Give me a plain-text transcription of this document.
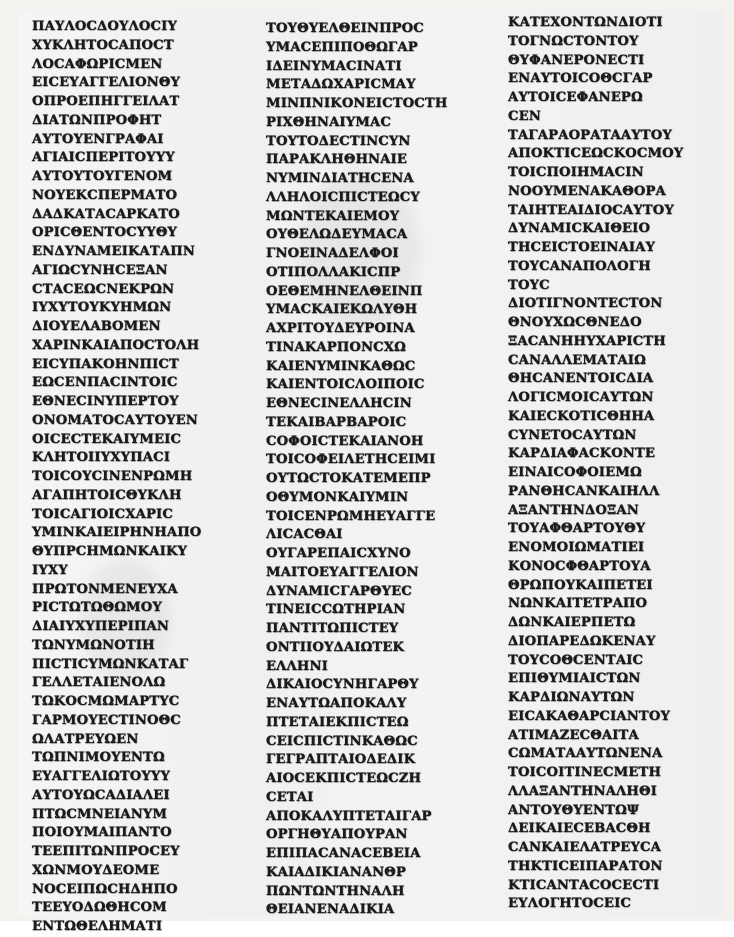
ΠΑΥΛΟϹΔΟΥΛΟϹΙΥ
ΧΥΚΛΗΤΟϹΑΠΟϹΤ
ΛΟϹΑΦΩΡΙϹΜΕΝ
ΕΙϹΕΥΑΓΓΕΛΙΟΝΘΥ
ΟΠΡΟΕΠΗΓΓΕΙΛΑΤ
ΔΙΑΤΩΝΠΡΟΦΗΤ
ΑΥΤΟΥΕΝΓΡΑΦΑΙ
ΑΓΙΑΙϹΠΕΡΙΤΟΥΥΥ
ΑΥΤΟΥΤΟΥΓΕΝΟΜ
ΝΟΥΕΚϹΠΕΡΜΑΤΟ
ΔΑΔΚΑΤΑϹΑΡΚΑΤΟ
ΟΡΙϹΘΕΝΤΟϹΥΥΘΥ
ΕΝΔΥΝΑΜΕΙΚΑΤΑΠΝ
ΑΓΙΩϹΥΝΗϹΕΞΑΝ
ϹΤΑϹΕΩϹΝΕΚΡΩΝ
ΙΥΧΥΤΟΥΚΥΗΜΩΝ
ΔΙΟΥΕΛΑΒΟΜΕΝ
ΧΑΡΙΝΚΑΙΑΠΟϹΤΟΛΗ
ΕΙϹΥΠΑΚΟΗΝΠΙϹΤ
ΕΩϹΕΝΠΑϹΙΝΤΟΙϹ
ΕΘΝΕϹΙΝΥΠΕΡΤΟΥ
ΟΝΟΜΑΤΟϹΑΥΤΟΥΕΝ
ΟΙϹΕϹΤΕΚΑΙΥΜΕΙϹ
ΚΛΗΤΟΙΙΥΧΥΠΑϹΙ
ΤΟΙϹΟΥϹΙΝΕΝΡΩΜΗ
ΑΓΑΠΗΤΟΙϹΘΥΚΛΗ
ΤΟΙϹΑΓΙΟΙϹΧΑΡΙϹ
ΥΜΙΝΚΑΙΕΙΡΗΝΗΑΠΟ
ΘΥΠΡϹΗΜΩΝΚΑΙΚΥ
ΙΥΧΥ
ΠΡΩΤΟΝΜΕΝΕΥΧΑ
ΡΙϹΤΩΤΩΘΩΜΟΥ
ΔΙΑΙΥΧΥΠΕΡΙΠΑΝ
ΤΩΝΥΜΩΝΟΤΙΗ
ΠΙϹΤΙϹΥΜΩΝΚΑΤΑΓ
ΓΕΛΛΕΤΑΙΕΝΟΛΩ
ΤΩΚΟϹΜΩΜΑΡΤΥϹ
ΓΑΡΜΟΥΕϹΤΙΝΟΘϹ
ΩΛΑΤΡΕΥΩΕΝ
ΤΩΠΝΙΜΟΥΕΝΤΩ
ΕΥΑΓΓΕΛΙΩΤΟΥΥΥ
ΑΥΤΟΥΩϹΑΔΙΑΛΕΙ
ΠΤΩϹΜΝΕΙΑΝΥΜ
ΠΟΙΟΥΜΑΙΠΑΝΤΟ
ΤΕΕΠΙΤΩΝΠΡΟϹΕΥ
ΧΩΝΜΟΥΔΕΟΜΕ
ΝΟϹΕΙΠΩϹΗΔΗΠΟ
ΤΕΕΥΟΔΩΘΗϹΟΜ
ΕΝΤΩΘΕΛΗΜΑΤΙ
ΤΟΥΘΥΕΛΘΕΙΝΠΡΟϹ
ΥΜΑϹΕΠΙΠΟΘΩΓΑΡ
ΙΔΕΙΝΥΜΑϹΙΝΑΤΙ
ΜΕΤΑΔΩΧΑΡΙϹΜΑΥ
ΜΙΝΠΝΙΚΟΝΕΙϹΤΟϹΤΗ
ΡΙΧΘΗΝΑΙΥΜΑϹ
ΤΟΥΤΟΔΕϹΤΙΝϹΥΝ
ΠΑΡΑΚΛΗΘΗΝΑΙΕ
ΝΥΜΙΝΔΙΑΤΗϹΕΝΑ
ΛΛΗΛΟΙϹΠΙϹΤΕΩϹΥ
ΜΩΝΤΕΚΑΙΕΜΟΥ
ΟΥΘΕΛΩΔΕΥΜΑϹΑ
ΓΝΟΕΙΝΑΔΕΛΦΟΙ
ΟΤΙΠΟΛΛΑΚΙϹΠΡ
ΟΕΘΕΜΗΝΕΛΘΕΙΝΠ
ΥΜΑϹΚΑΙΕΚΩΛΥΘΗ
ΑΧΡΙΤΟΥΔΕΥΡΟΙΝΑ
ΤΙΝΑΚΑΡΠΟΝϹΧΩ
ΚΑΙΕΝΥΜΙΝΚΑΘΩϹ
ΚΑΙΕΝΤΟΙϹΛΟΙΠΟΙϹ
ΕΘΝΕϹΙΝΕΛΛΗϹΙΝ
ΤΕΚΑΙΒΑΡΒΑΡΟΙϹ
ϹΟΦΟΙϹΤΕΚΑΙΑΝΟΗ
ΤΟΙϹΟΦΕΙΛΕΤΗϹΕΙΜΙ
ΟΥΤΩϹΤΟΚΑΤΕΜΕΠΡ
ΟΘΥΜΟΝΚΑΙΥΜΙΝ
ΤΟΙϹΕΝΡΩΜΗΕΥΑΓΓΕ
ΛΙϹΑϹΘΑΙ
ΟΥΓΑΡΕΠΑΙϹΧΥΝΟ
ΜΑΙΤΟΕΥΑΓΓΕΛΙΟΝ
ΔΥΝΑΜΙϹΓΑΡΘΥΕϹ
ΤΙΝΕΙϹϹΩΤΗΡΙΑΝ
ΠΑΝΤΙΤΩΠΙϹΤΕΥ
ΟΝΤΙΙΟΥΔΑΙΩΤΕΚ
ΕΛΛΗΝΙ
ΔΙΚΑΙΟϹΥΝΗΓΑΡΘΥ
ΕΝΑΥΤΩΑΠΟΚΑΛΥ
ΠΤΕΤΑΙΕΚΠΙϹΤΕΩ
ϹΕΙϹΠΙϹΤΙΝΚΑΘΩϹ
ΓΕΓΡΑΠΤΑΙΟΔΕΔΙΚ
ΑΙΟϹΕΚΠΙϹΤΕΩϹΖΗ
ϹΕΤΑΙ
ΑΠΟΚΑΛΥΠΤΕΤΑΙΓΑΡ
ΟΡΓΗΘΥΑΠΟΥΡΑΝ
ΕΠΙΠΑϹΑΝΑϹΕΒΕΙΑ
ΚΑΙΑΔΙΚΙΑΝΑΝΘΡ
ΠΩΝΤΩΝΤΗΝΑΛΗ
ΘΕΙΑΝΕΝΑΔΙΚΙΑ
ΚΑΤΕΧΟΝΤΩΝΔΙΟΤΙ
ΤΟΓΝΩϹΤΟΝΤΟΥ
ΘΥΦΑΝΕΡΟΝΕϹΤΙ
ΕΝΑΥΤΟΙϹΟΘϹΓΑΡ
ΑΥΤΟΙϹΕΦΑΝΕΡΩ
ϹΕΝ
ΤΑΓΑΡΑΟΡΑΤΑΑΥΤΟΥ
ΑΠΟΚΤΙϹΕΩϹΚΟϹΜΟΥ
ΤΟΙϹΠΟΙΗΜΑϹΙΝ
ΝΟΟΥΜΕΝΑΚΑΘΟΡΑ
ΤΑΙΗΤΕΑΙΔΙΟϹΑΥΤΟΥ
ΔΥΝΑΜΙϹΚΑΙΘΕΙΟ
ΤΗϹΕΙϹΤΟΕΙΝΑΙΑΥ
ΤΟΥϹΑΝΑΠΟΛΟΓΗ
ΤΟΥϹ
ΔΙΟΤΙΓΝΟΝΤΕϹΤΟΝ
ΘΝΟΥΧΩϹΘΝΕΔΟ
ΞΑϹΑΝΗΗΥΧΑΡΙϹΤΗ
ϹΑΝΑΛΛΕΜΑΤΑΙΩ
ΘΗϹΑΝΕΝΤΟΙϹΔΙΑ
ΛΟΓΙϹΜΟΙϹΑΥΤΩΝ
ΚΑΙΕϹΚΟΤΙϹΘΗΗΑ
ϹΥΝΕΤΟϹΑΥΤΩΝ
ΚΑΡΔΙΑΦΑϹΚΟΝΤΕ
ΕΙΝΑΙϹΟΦΟΙΕΜΩ
ΡΑΝΘΗϹΑΝΚΑΙΗΛΛ
ΑΞΑΝΤΗΝΔΟΞΑΝ
ΤΟΥΑΦΘΑΡΤΟΥΘΥ
ΕΝΟΜΟΙΩΜΑΤΙΕΙ
ΚΟΝΟϹΦΘΑΡΤΟΥΑ
ΘΡΩΠΟΥΚΑΙΠΕΤΕΙ
ΝΩΝΚΑΙΤΕΤΡΑΠΟ
ΔΩΝΚΑΙΕΡΠΕΤΩ
ΔΙΟΠΑΡΕΔΩΚΕΝΑΥ
ΤΟΥϹΟΘϹΕΝΤΑΙϹ
ΕΠΙΘΥΜΙΑΙϹΤΩΝ
ΚΑΡΔΙΩΝΑΥΤΩΝ
ΕΙϹΑΚΑΘΑΡϹΙΑΝΤΟΥ
ΑΤΙΜΑΖΕϹΘΑΙΤΑ
ϹΩΜΑΤΑΑΥΤΩΝΕΝΑ
ΤΟΙϹΟΙΤΙΝΕϹΜΕΤΗ
ΛΛΑΞΑΝΤΗΝΑΛΗΘΙ
ΑΝΤΟΥΘΥΕΝΤΩΨ
ΔΕΙΚΑΙΕϹΕΒΑϹΘΗ
ϹΑΝΚΑΙΕΛΑΤΡΕΥϹΑ
ΤΗΚΤΙϹΕΙΠΑΡΑΤΟΝ
ΚΤΙϹΑΝΤΑϹΟϹΕϹΤΙ
ΕΥΛΟΓΗΤΟϹΕΙϹ
